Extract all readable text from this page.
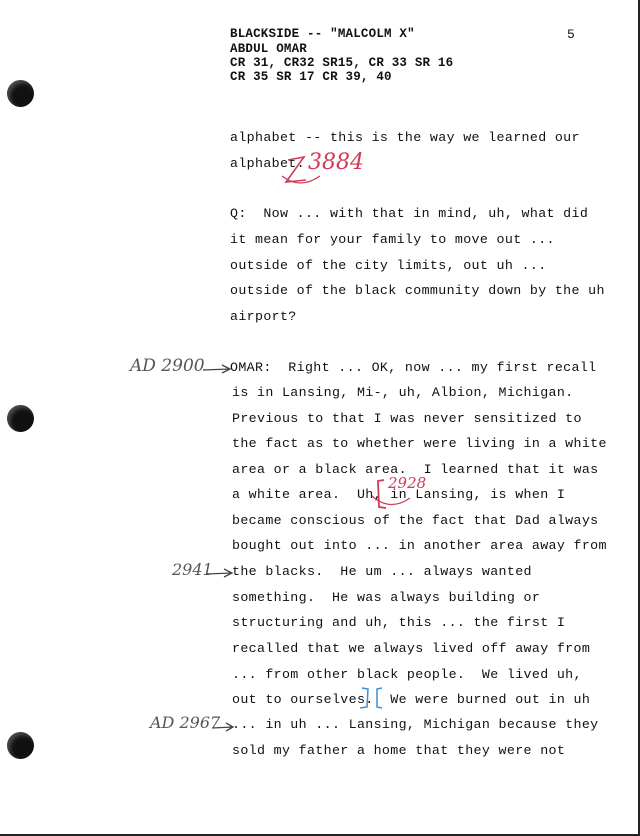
BLACKSIDE -- "MALCOLM X"
ABDUL OMAR
CR 31, CR32 SR15, CR 33 SR 16
CR 35 SR 17 CR 39, 40
5
alphabet -- this is the way we learned our
alphabet.
Q:  Now ... with that in mind, uh, what did
it mean for your family to move out ...
outside of the city limits, out uh ...
outside of the black community down by the uh
airport?
OMAR:  Right ... OK, now ... my first recall
is in Lansing, Mi-, uh, Albion, Michigan.
Previous to that I was never sensitized to
the fact as to whether were living in a white
area or a black area.  I learned that it was
a white area.  Uh, in Lansing, is when I
became conscious of the fact that Dad always
bought out into ... in another area away from
the blacks.  He um ... always wanted
something.  He was always building or
structuring and uh, this ... the first I
recalled that we always lived off away from
... from other black people.  We lived uh,
out to ourselves.  We were burned out in uh
... in uh ... Lansing, Michigan because they
sold my father a home that they were not
3884
2928
AD 2900
2941
AD 2967
